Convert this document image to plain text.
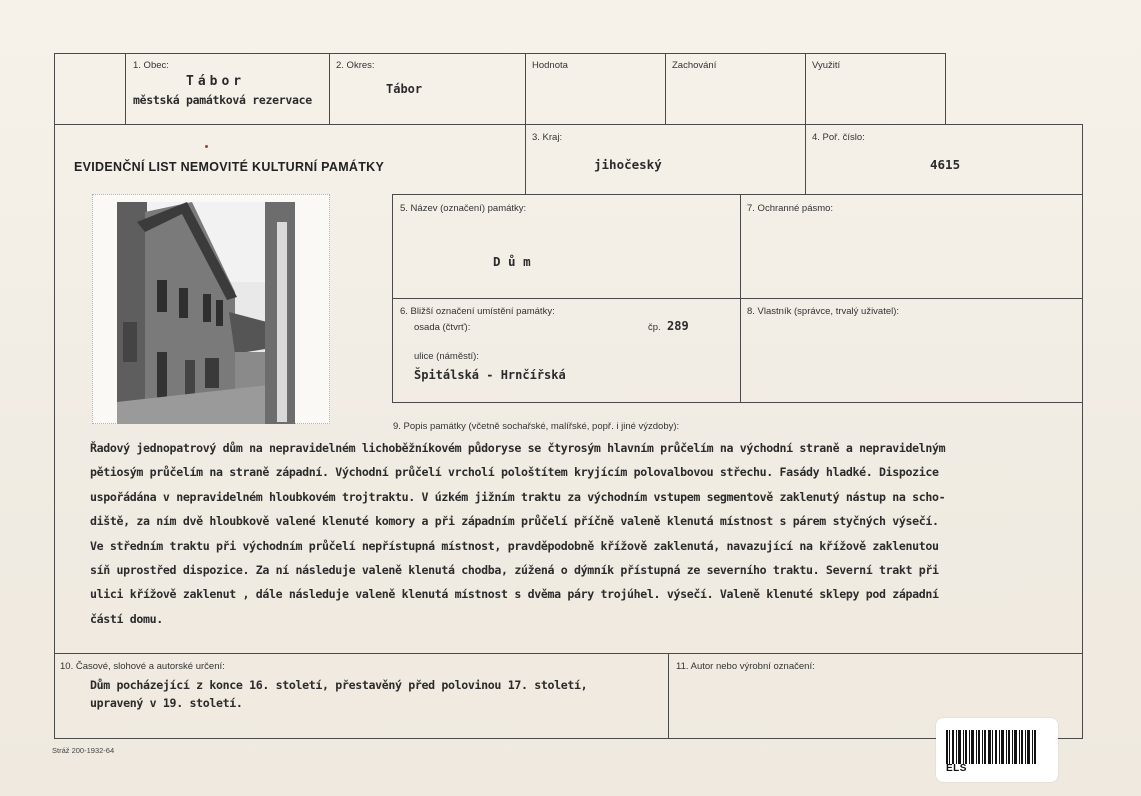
1. Obec:
Tábor
městská památková rezervace
2. Okres:
Tábor
Hodnota	Zachování	Využití
EVIDENČNÍ LIST NEMOVITÉ KULTURNÍ PAMÁTKY
3. Kraj:
jihočeský
4. Poř. číslo:
4615
5. Název (označení) památky:
D ů m
7. Ochranné pásmo:
6. Bližší označení umístění památky:
osada (čtvrť):	čp. 289
ulice (náměstí):
Špitálská - Hrnčířská
8. Vlastník (správce, trvalý uživatel):
9. Popis památky (včetně sochařské, malířské, popř. i jiné výzdoby):
Řadový jednopatrový dům na nepravidelném lichoběžníkovém půdoryse se čtyrosým hlavním průčelím na východní straně a nepravidelným
pětiosým průčelím na straně západní. Východní průčelí vrcholí pološtítem kryjícím polovalbovou střechu. Fasády hladké. Dispozice
uspořádána v nepravidelném hloubkovém trojtraktu. V úzkém jižním traktu za východním vstupem segmentově zaklenutý nástup na scho-
diště, za ním dvě hloubkově valené klenuté komory a při západním průčelí příčně valeně klenutá místnost s párem styčných výsečí.
Ve středním traktu při východním průčelí nepřístupná místnost, pravděpodobně křížově zaklenutá, navazující na křížově zaklenutou
síň uprostřed dispozice. Za ní následuje valeně klenutá chodba, zúžená o dýmník přístupná ze severního traktu. Severní trakt při
ulici křížově zaklenut , dále následuje valeně klenutá místnost s dvěma páry trojúhel. výsečí. Valeně klenuté sklepy pod západní
částí domu.
10. Časové, slohové a autorské určení:
Dům pocházející z konce 16. století, přestavěný před polovinou 17. století,
upravený v 19. století.
11. Autor nebo výrobní označení:
Stráž 200-1932-64
ELS
